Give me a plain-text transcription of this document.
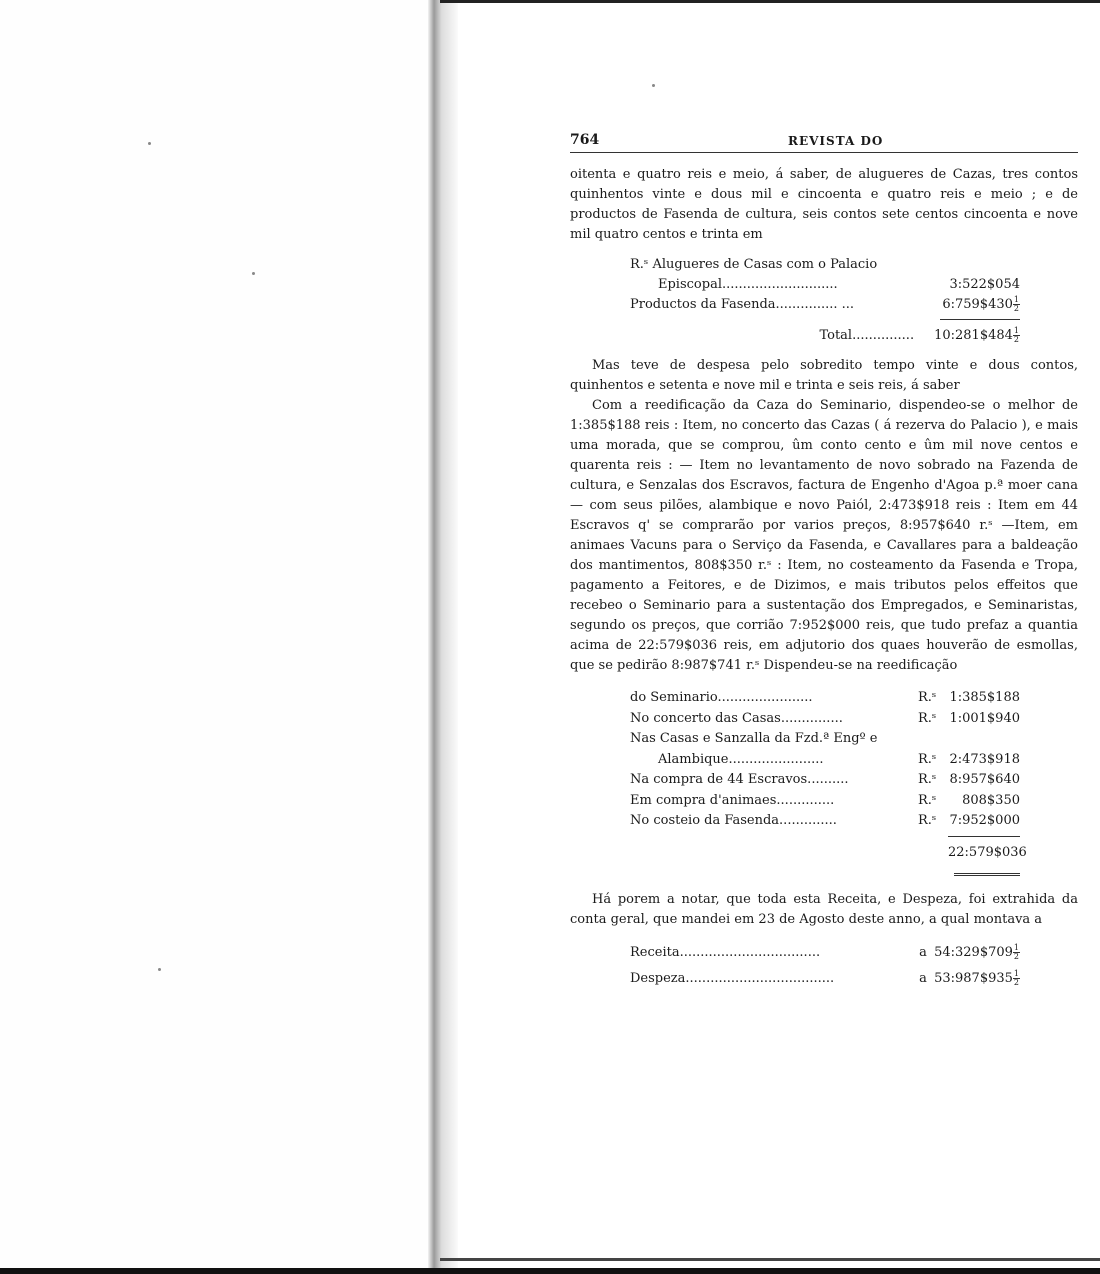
764	REVISTA DO

oitenta e quatro reis e meio, á saber, de alugueres de Cazas, tres contos quinhentos vinte e dous mil e cincoenta e quatro reis e meio ; e de productos de Fasenda de cultura, seis contos sete centos cincoenta e nove mil quatro centos e trinta em

R.ˢ Alugueres de Casas com o Palacio
Episcopal............................	3:522$054
Productos da Fasenda............... ...	6:759$430 $\frac{1}{2}$
Total............... 10:281$484 $\frac{1}{2}$

Mas teve de despesa pelo sobredito tempo vinte e dous contos, quinhentos e setenta e nove mil e trinta e seis reis, á saber

Com a reedificação da Caza do Seminario, dispendeo-se o melhor de 1:385$188 reis : Item, no concerto das Cazas ( á rezerva do Palacio ), e mais uma morada, que se comprou, ûm conto cento e ûm mil nove centos e quarenta reis : — Item no levantamento de novo sobrado na Fazenda de cultura, e Senzalas dos Escravos, factura de Engenho d'Agoa p.ª moer cana — com seus pilões, alambique e novo Paiól, 2:473$918 reis : Item em 44 Escravos q' se comprarão por varios preços, 8:957$640 r.ˢ —Item, em animaes Vacuns para o Serviço da Fasenda, e Cavallares para a baldeação dos mantimentos, 808$350 r.ˢ : Item, no costeamento da Fasenda e Tropa, pagamento a Feitores, e de Dizimos, e mais tributos pelos effeitos que recebeo o Seminario para a sustentação dos Empregados, e Seminaristas, segundo os preços, que corrião 7:952$000 reis, que tudo prefaz a quantia acima de 22:579$036 reis, em adjutorio dos quaes houverão de esmollas, que se pedirão 8:987$741 r.ˢ Dispendeu-se na reedificação

do Seminario.......................	R.ˢ	1:385$188
No concerto das Casas...............	R.ˢ	1:001$940
Nas Casas e Sanzalla da Fzd.ª Engº e
Alambique.......................	R.ˢ	2:473$918
Na compra de 44 Escravos..........	R.ˢ	8:957$640
Em compra d'animaes..............	R.ˢ	808$350
No costeio da Fasenda..............	R.ˢ	7:952$000
22:579$036

Há porem a notar, que toda esta Receita, e Despeza, foi extrahida da conta geral, que mandei em 23 de Agosto deste anno, a qual montava a

Receita..................................	a 54:329$709 $\frac{1}{2}$
Despeza....................................	a 53:987$935 $\frac{1}{2}$
